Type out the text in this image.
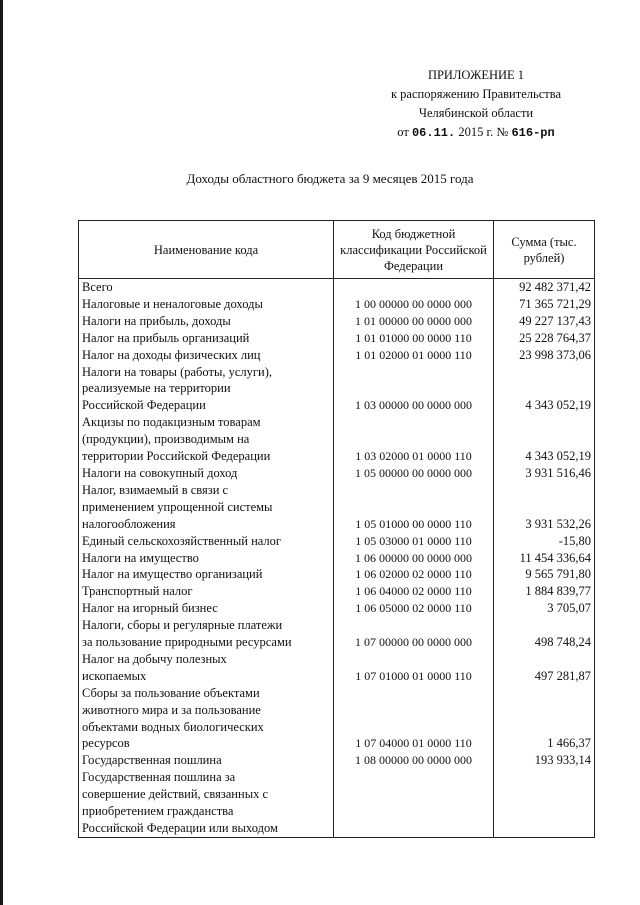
ПРИЛОЖЕНИЕ 1
к распоряжению Правительства
Челябинской области
от 06.11. 2015 г. № 616-рп
Доходы областного бюджета за 9 месяцев 2015 года
Наименование кода	Код бюджетной классификации Российской Федерации	Сумма (тыс. рублей)

Всего		92 482 371,42

Налоговые и неналоговые доходы	1 00 00000 00 0000 000	71 365 721,29

Налоги на прибыль, доходы	1 01 00000 00 0000 000	49 227 137,43

Налог на прибыль организаций	1 01 01000 00 0000 110	25 228 764,37

Налог на доходы физических лиц	1 01 02000 01 0000 110	23 998 373,06

Налоги на товары (работы, услуги),
реализуемые на территории
Российской Федерации	1 03 00000 00 0000 000	4 343 052,19

Акцизы по подакцизным товарам
(продукции), производимым на
территории Российской Федерации	1 03 02000 01 0000 110	4 343 052,19

Налоги на совокупный доход	1 05 00000 00 0000 000	3 931 516,46

Налог, взимаемый в связи с
применением упрощенной системы
налогообложения	1 05 01000 00 0000 110	3 931 532,26

Единый сельскохозяйственный налог	1 05 03000 01 0000 110	-15,80

Налоги на имущество	1 06 00000 00 0000 000	11 454 336,64

Налог на имущество организаций	1 06 02000 02 0000 110	9 565 791,80

Транспортный налог	1 06 04000 02 0000 110	1 884 839,77

Налог на игорный бизнес	1 06 05000 02 0000 110	3 705,07

Налоги, сборы и регулярные платежи
за пользование природными ресурсами	1 07 00000 00 0000 000	498 748,24

Налог на добычу полезных
ископаемых	1 07 01000 01 0000 110	497 281,87

Сборы за пользование объектами
животного мира и за пользование
объектами водных биологических
ресурсов	1 07 04000 01 0000 110	1 466,37

Государственная пошлина	1 08 00000 00 0000 000	193 933,14

Государственная пошлина за
совершение действий, связанных с
приобретением гражданства
Российской Федерации или выходом		
